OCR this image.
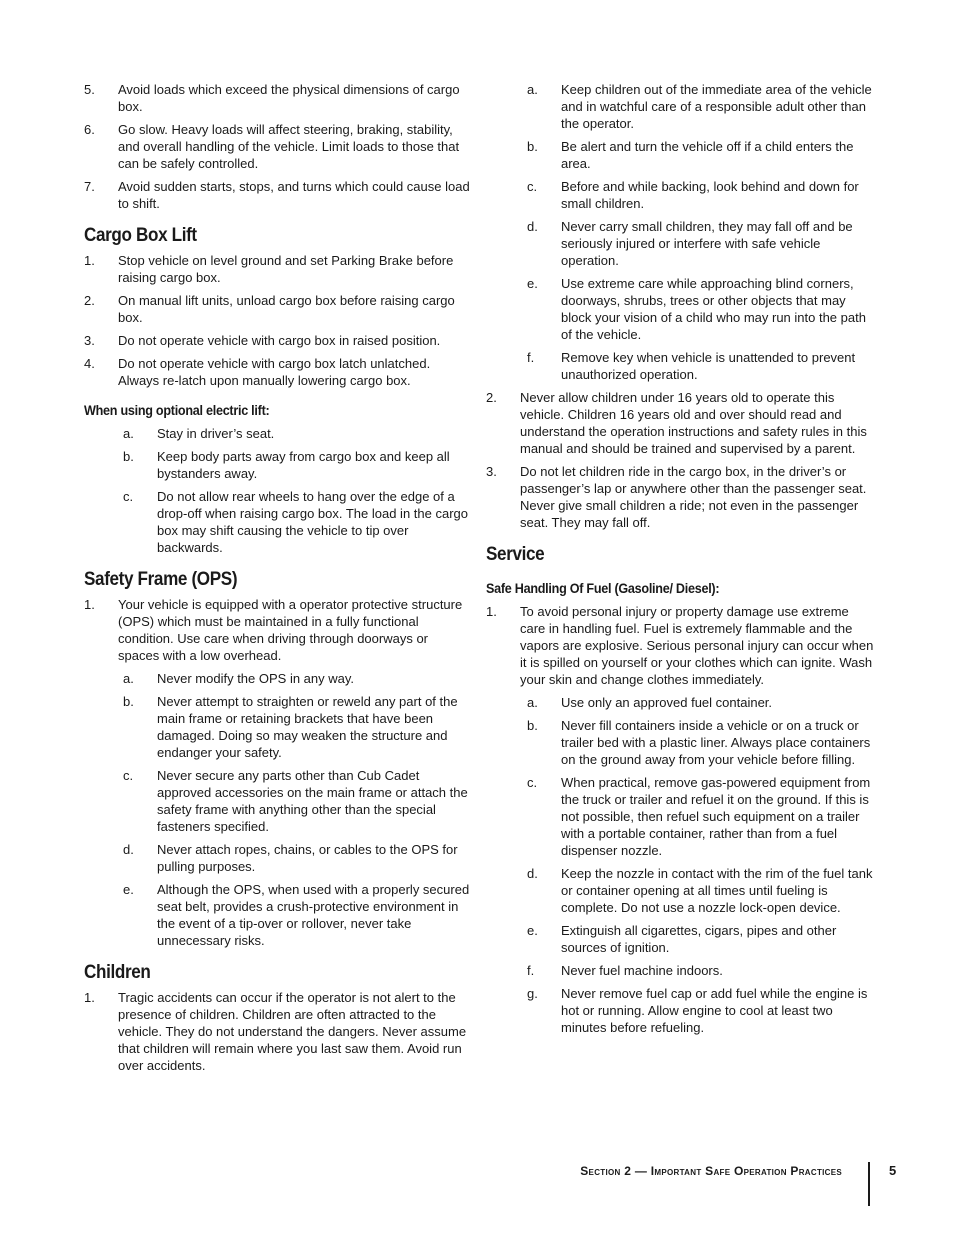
5.	Avoid loads which exceed the physical dimensions of cargo box.
6.	Go slow. Heavy loads will affect steering, braking, stability, and overall handling of the vehicle. Limit loads to those that can be safely controlled.
7.	Avoid sudden starts, stops, and turns which could cause load to shift.
Cargo Box Lift
1.	Stop vehicle on level ground and set Parking Brake before raising cargo box.
2.	On manual lift units, unload cargo box before raising cargo box.
3.	Do not operate vehicle with cargo box in raised position.
4.	Do not operate vehicle with cargo box latch unlatched. Always re-latch upon manually lowering cargo box.
When using optional electric lift:
a.	Stay in driver’s seat.
b.	Keep body parts away from cargo box and keep all bystanders away.
c.	Do not allow rear wheels to hang over the edge of a drop-off when raising cargo box. The load in the cargo box may shift causing the vehicle to tip over backwards.
Safety Frame (OPS)
1.	Your vehicle is equipped with a operator protective structure (OPS) which must be maintained in a fully functional condition. Use care when driving through doorways or spaces with a low overhead.
a.	Never modify the OPS in any way.
b.	Never attempt to straighten or reweld any part of the main frame or retaining brackets that have been damaged. Doing so may weaken the structure and endanger your safety.
c.	Never secure any parts other than Cub Cadet approved accessories on the main frame or attach the safety frame with anything other than the special fasteners specified.
d.	Never attach ropes, chains, or cables to the OPS for pulling purposes.
e.	Although the OPS, when used with a properly secured seat belt, provides a crush-protective environment in the event of a tip-over or rollover, never take unnecessary risks.
Children
1.	Tragic accidents can occur if the operator is not alert to the presence of children. Children are often attracted to the vehicle. They do not understand the dangers. Never assume that children will remain where you last saw them. Avoid run over accidents.
a.	Keep children out of the immediate area of the vehicle and in watchful care of a responsible adult other than the operator.
b.	Be alert and turn the vehicle off if a child enters the area.
c.	Before and while backing, look behind and down for small children.
d.	Never carry small children, they may fall off and be seriously injured or interfere with safe vehicle operation.
e.	Use extreme care while approaching blind corners, doorways, shrubs, trees or other objects that may block your vision of a child who may run into the path of the vehicle.
f.	Remove key when vehicle is unattended to prevent unauthorized operation.
2.	Never allow children under 16 years old to operate this vehicle. Children 16 years old and over should read and understand the operation instructions and safety rules in this manual and should be trained and supervised by a parent.
3.	Do not let children ride in the cargo box, in the driver’s or passenger’s lap or anywhere other than the passenger seat. Never give small children a ride; not even in the passenger seat. They may fall off.
Service
Safe Handling Of Fuel (Gasoline/ Diesel):
1.	To avoid personal injury or property damage use extreme care in handling fuel. Fuel is extremely flammable and the vapors are explosive. Serious personal injury can occur when it is spilled on yourself or your clothes which can ignite. Wash your skin and change clothes immediately.
a.	Use only an approved fuel container.
b.	Never fill containers inside a vehicle or on a truck or trailer bed with a plastic liner. Always place containers on the ground away from your vehicle before filling.
c.	When practical, remove gas-powered equipment from the truck or trailer and refuel it on the ground. If this is not possible, then refuel such equipment on a trailer with a portable container, rather than from a fuel dispenser nozzle.
d.	Keep the nozzle in contact with the rim of the fuel tank or container opening at all times until fueling is complete. Do not use a nozzle lock-open device.
e.	Extinguish all cigarettes, cigars, pipes and other sources of ignition.
f.	Never fuel machine indoors.
g.	Never remove fuel cap or add fuel while the engine is hot or running. Allow engine to cool at least two minutes before refueling.
Section 2 — Important Safe Operation Practices	5
